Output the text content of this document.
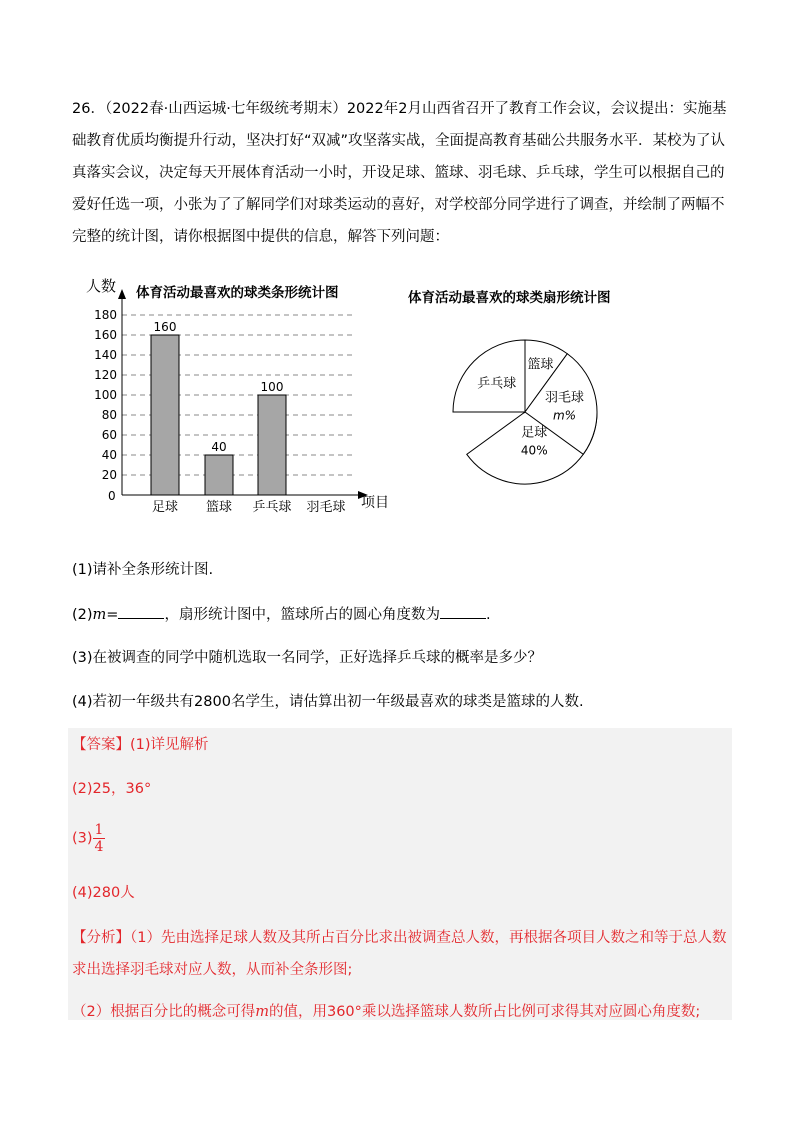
26．（2022春·山西运城·七年级统考期末）2022年2月山西省召开了教育工作会议，会议提出：实施基础教育优质均衡提升行动，坚决打好“双减”攻坚落实战，全面提高教育基础公共服务水平．某校为了认真落实会议，决定每天开展体育活动一小时，开设足球、篮球、羽毛球、乒乓球，学生可以根据自己的爱好任选一项，小张为了了解同学们对球类运动的喜好，对学校部分同学进行了调查，并绘制了两幅不完整的统计图，请你根据图中提供的信息，解答下列问题：

人数 体育活动最喜欢的球类条形统计图
20
40
60
80
100
120
140
160
180
160
40
100
足球 篮球 乒乓球 羽毛球
0	项目
体育活动最喜欢的球类扇形统计图
足球
40%
乒乓球
篮球
羽毛球
m%
(1)请补全条形统计图.
(2)m=	，扇形统计图中，篮球所占的圆心角度数为	.
(3)在被调查的同学中随机选取一名同学，正好选择乒乓球的概率是多少？
(4)若初一年级共有2800名学生，请估算出初一年级最喜欢的球类是篮球的人数.
【答案】(1)详见解析
(2)25，36°
$(3) \frac{1}{4}$
(4)280人
【分析】（1）先由选择足球人数及其所占百分比求出被调查总人数，再根据各项目人数之和等于总人数求出选择羽毛球对应人数，从而补全条形图;
（2）根据百分比的概念可得m的值，用360°乘以选择篮球人数所占比例可求得其对应圆心角度数;
